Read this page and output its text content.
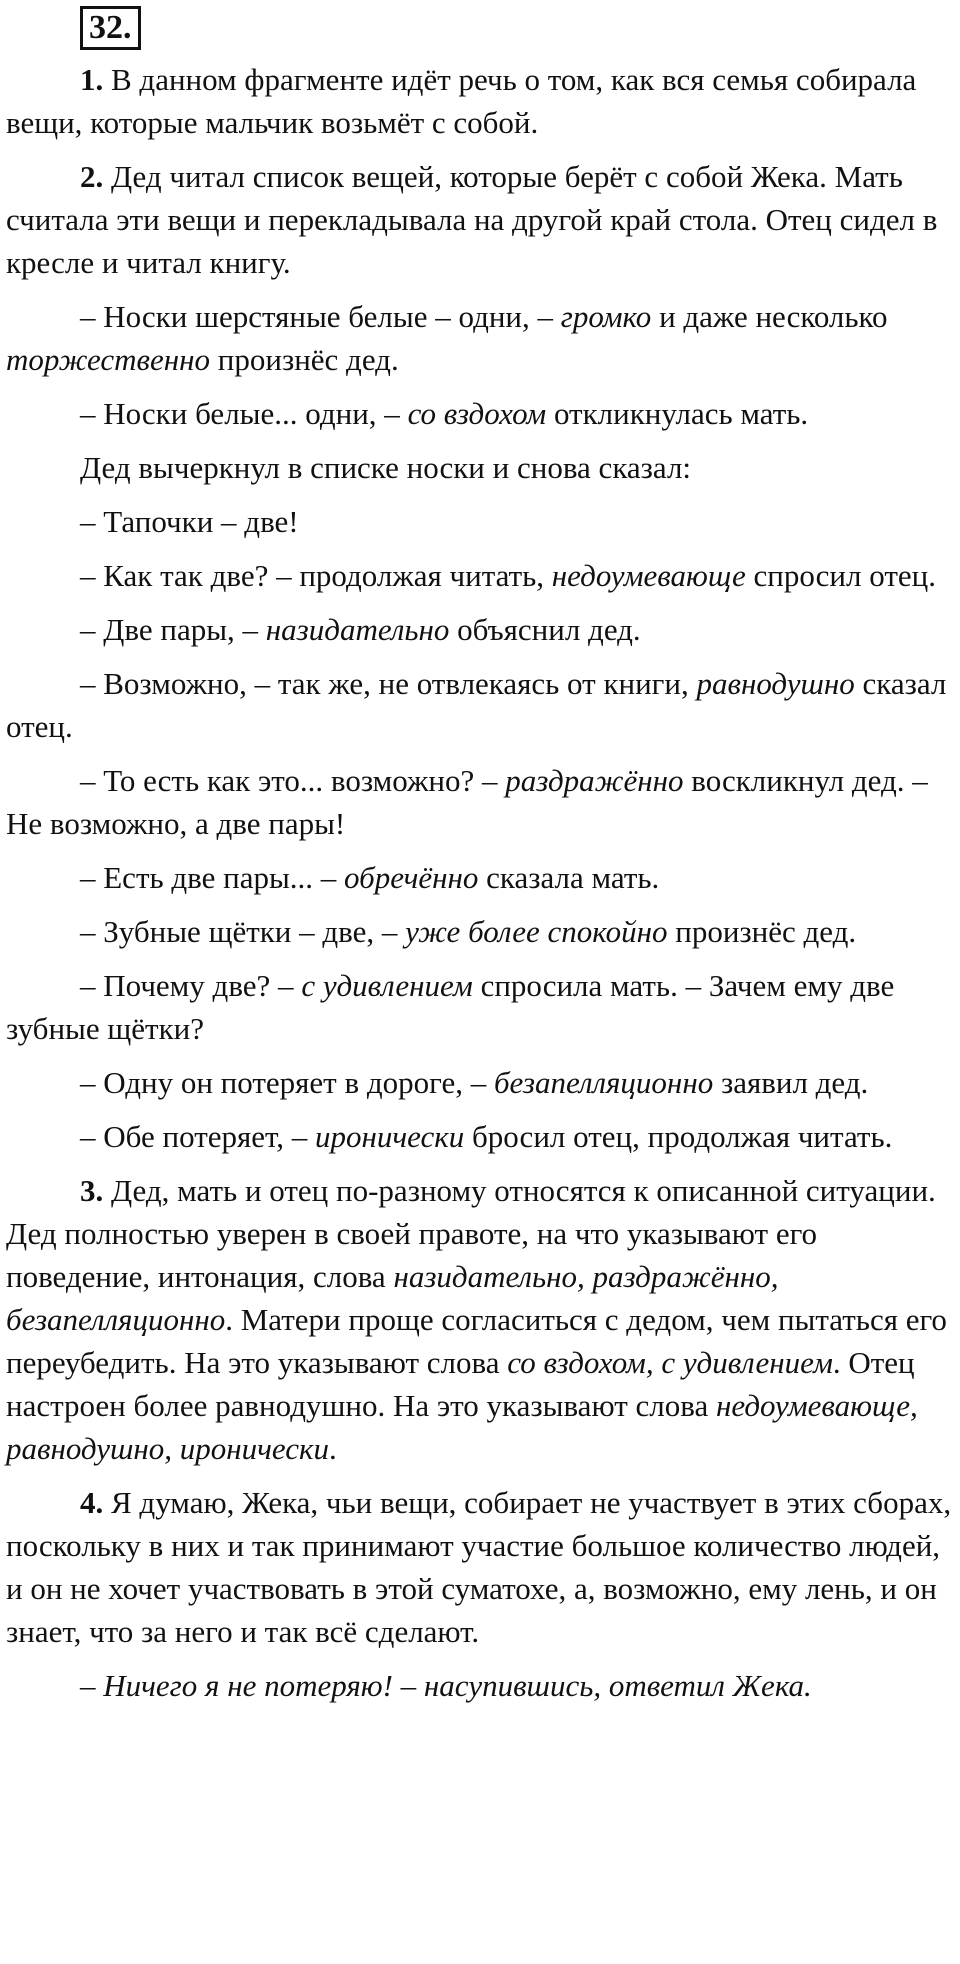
32.

1. В данном фрагменте идёт речь о том, как вся семья собирала вещи, которые мальчик возьмёт с собой.

2. Дед читал список вещей, которые берёт с собой Жека. Мать считала эти вещи и перекладывала на другой край стола. Отец сидел в кресле и читал книгу.

– Носки шерстяные белые – одни, – громко и даже несколько торжественно произнёс дед.

– Носки белые... одни, – со вздохом откликнулась мать.

Дед вычеркнул в списке носки и снова сказал:

– Тапочки – две!

– Как так две? – продолжая читать, недоумевающе спросил отец.

– Две пары, – назидательно объяснил дед.

– Возможно, – так же, не отвлекаясь от книги, равнодушно сказал отец.

– То есть как это... возможно? – раздражённо воскликнул дед. – Не возможно, а две пары!

– Есть две пары... – обречённо сказала мать.

– Зубные щётки – две, – уже более спокойно произнёс дед.

– Почему две? – с удивлением спросила мать. – Зачем ему две зубные щётки?

– Одну он потеряет в дороге, – безапелляционно заявил дед.

– Обе потеряет, – иронически бросил отец, продолжая читать.

3. Дед, мать и отец по-разному относятся к описанной ситуации. Дед полностью уверен в своей правоте, на что указывают его поведение, интонация, слова назидательно, раздражённо, безапелляционно. Матери проще согласиться с дедом, чем пытаться его переубедить. На это указывают слова со вздохом, с удивлением. Отец настроен более равнодушно. На это указывают слова недоумевающе, равнодушно, иронически.

4. Я думаю, Жека, чьи вещи, собирает не участвует в этих сборах, поскольку в них и так принимают участие большое количество людей, и он не хочет участвовать в этой суматохе, а, возможно, ему лень, и он знает, что за него и так всё сделают.

– Ничего я не потеряю! – насупившись, ответил Жека.
